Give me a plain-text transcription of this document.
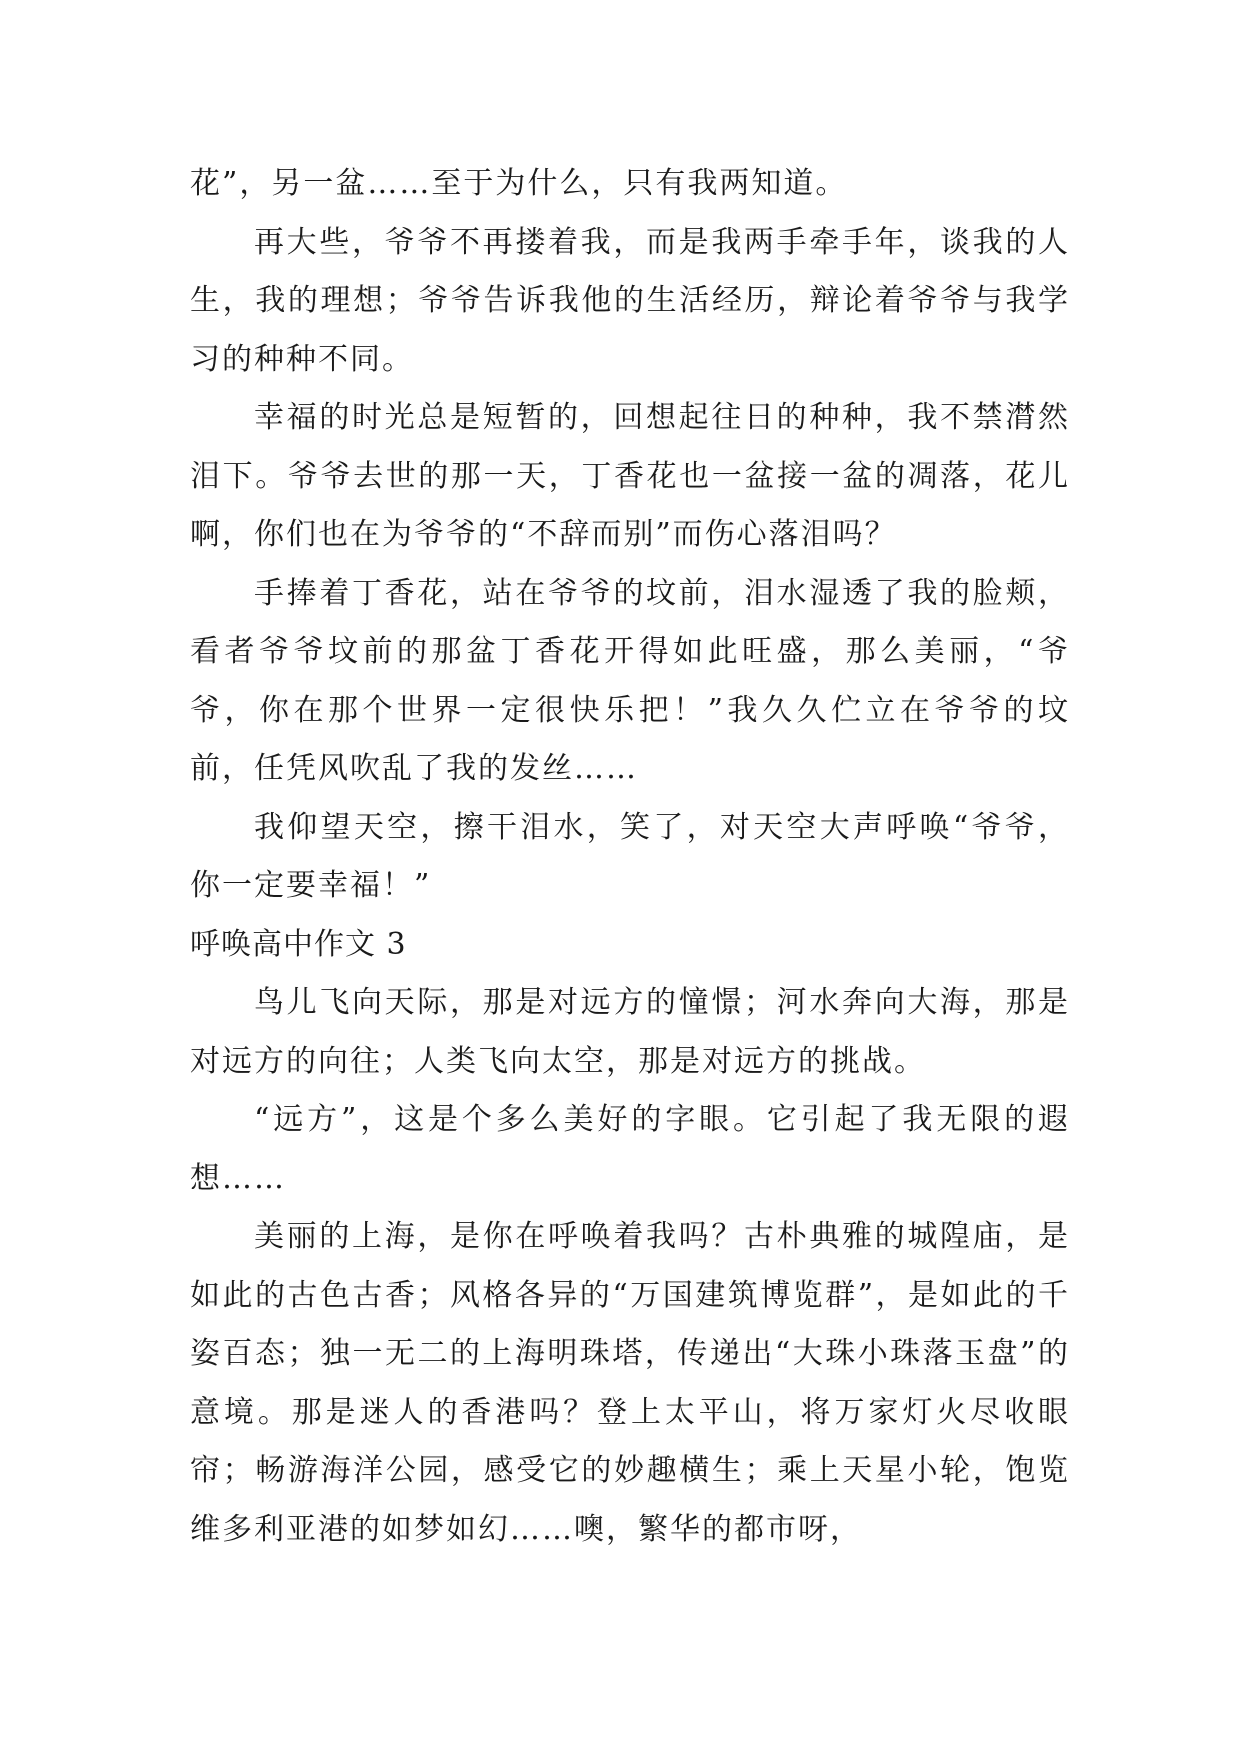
花”，另一盆……至于为什么，只有我两知道。

再大些，爷爷不再搂着我，而是我两手牵手年，谈我的人生，我的理想；爷爷告诉我他的生活经历，辩论着爷爷与我学习的种种不同。

幸福的时光总是短暂的，回想起往日的种种，我不禁潸然泪下。爷爷去世的那一天，丁香花也一盆接一盆的凋落，花儿啊，你们也在为爷爷的“不辞而别”而伤心落泪吗？

手捧着丁香花，站在爷爷的坟前，泪水湿透了我的脸颊，看者爷爷坟前的那盆丁香花开得如此旺盛，那么美丽，“爷爷，你在那个世界一定很快乐把！”我久久伫立在爷爷的坟前，任凭风吹乱了我的发丝……

我仰望天空，擦干泪水，笑了，对天空大声呼唤“爷爷，你一定要幸福！”

呼唤高中作文 3

鸟儿飞向天际，那是对远方的憧憬；河水奔向大海，那是对远方的向往；人类飞向太空，那是对远方的挑战。

“远方”，这是个多么美好的字眼。它引起了我无限的遐想……

美丽的上海，是你在呼唤着我吗？古朴典雅的城隍庙，是如此的古色古香；风格各异的“万国建筑博览群”，是如此的千姿百态；独一无二的上海明珠塔，传递出“大珠小珠落玉盘”的意境。那是迷人的香港吗？登上太平山，将万家灯火尽收眼帘；畅游海洋公园，感受它的妙趣横生；乘上天星小轮，饱览维多利亚港的如梦如幻……噢，繁华的都市呀，
